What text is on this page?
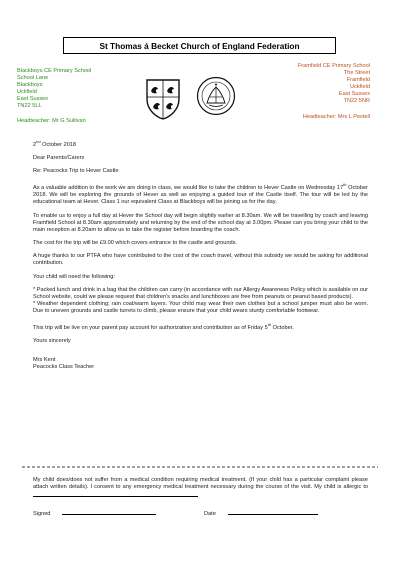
St Thomas á Becket Church of England Federation
Blackboys CE Primary School
School Lane
Blackboys
Uckfield
East Sussex
TN22 5LL
Headteacher: Mr G Sullivan
Framfield CE Primary School
The Street
Framfield
Uckfield
East Sussex
TN22 5NR
Headteacher: Mrs L Pestell

2nd October 2018

Dear Parents/Carers

Re: Peacocks Trip to Hever Castle

As a valuable addition to the work we are doing in class, we would like to take the children to Hever Castle on Wednesday 17th October 2018. We will be exploring the grounds of Hever as well as enjoying a guided tour of the Castle itself. The tour will be led by the educational team at Hever. Class 1 our equivalent Class at Blackboys will be joining us for the day.

To enable us to enjoy a full day at Hever the School day will begin slightly earlier at 8.30am. We will be travelling by coach and leaving Framfield School at 8.30am approximately and returning by the end of the school day at 3.00pm. Please can you bring your child to the main reception at 8.20am to allow us to take the register before boarding the coach.

The cost for the trip will be £9.00 which covers entrance to the castle and grounds.

A huge thanks to our PTFA who have contributed to the cost of the coach travel, without this subsidy we would be asking for additional contribution.

Your child will need the following:

* Packed lunch and drink in a bag that the children can carry (in accordance with our Allergy Awareness Policy which is available on our School website, could we please request that children's snacks and lunchboxes are free from peanuts or peanut based products).

* Weather dependent clothing; rain coat/warm layers. Your child may wear their own clothes but a school jumper must also be worn. Due to uneven grounds and castle turrets to climb, please ensure that your child wears sturdy comfortable footwear.

This trip will be live on your parent pay account for authorization and contribution as of Friday 5th October.

Yours sincerely

Mrs Kent

Peacocks Class Teacher

My child does/does not suffer from a medical condition requiring medical treatment. (If your child has a particular complaint please attach written details). I consent to any emergency medical treatment necessary during the course of the visit. My child is allergic to
Signed	Date
